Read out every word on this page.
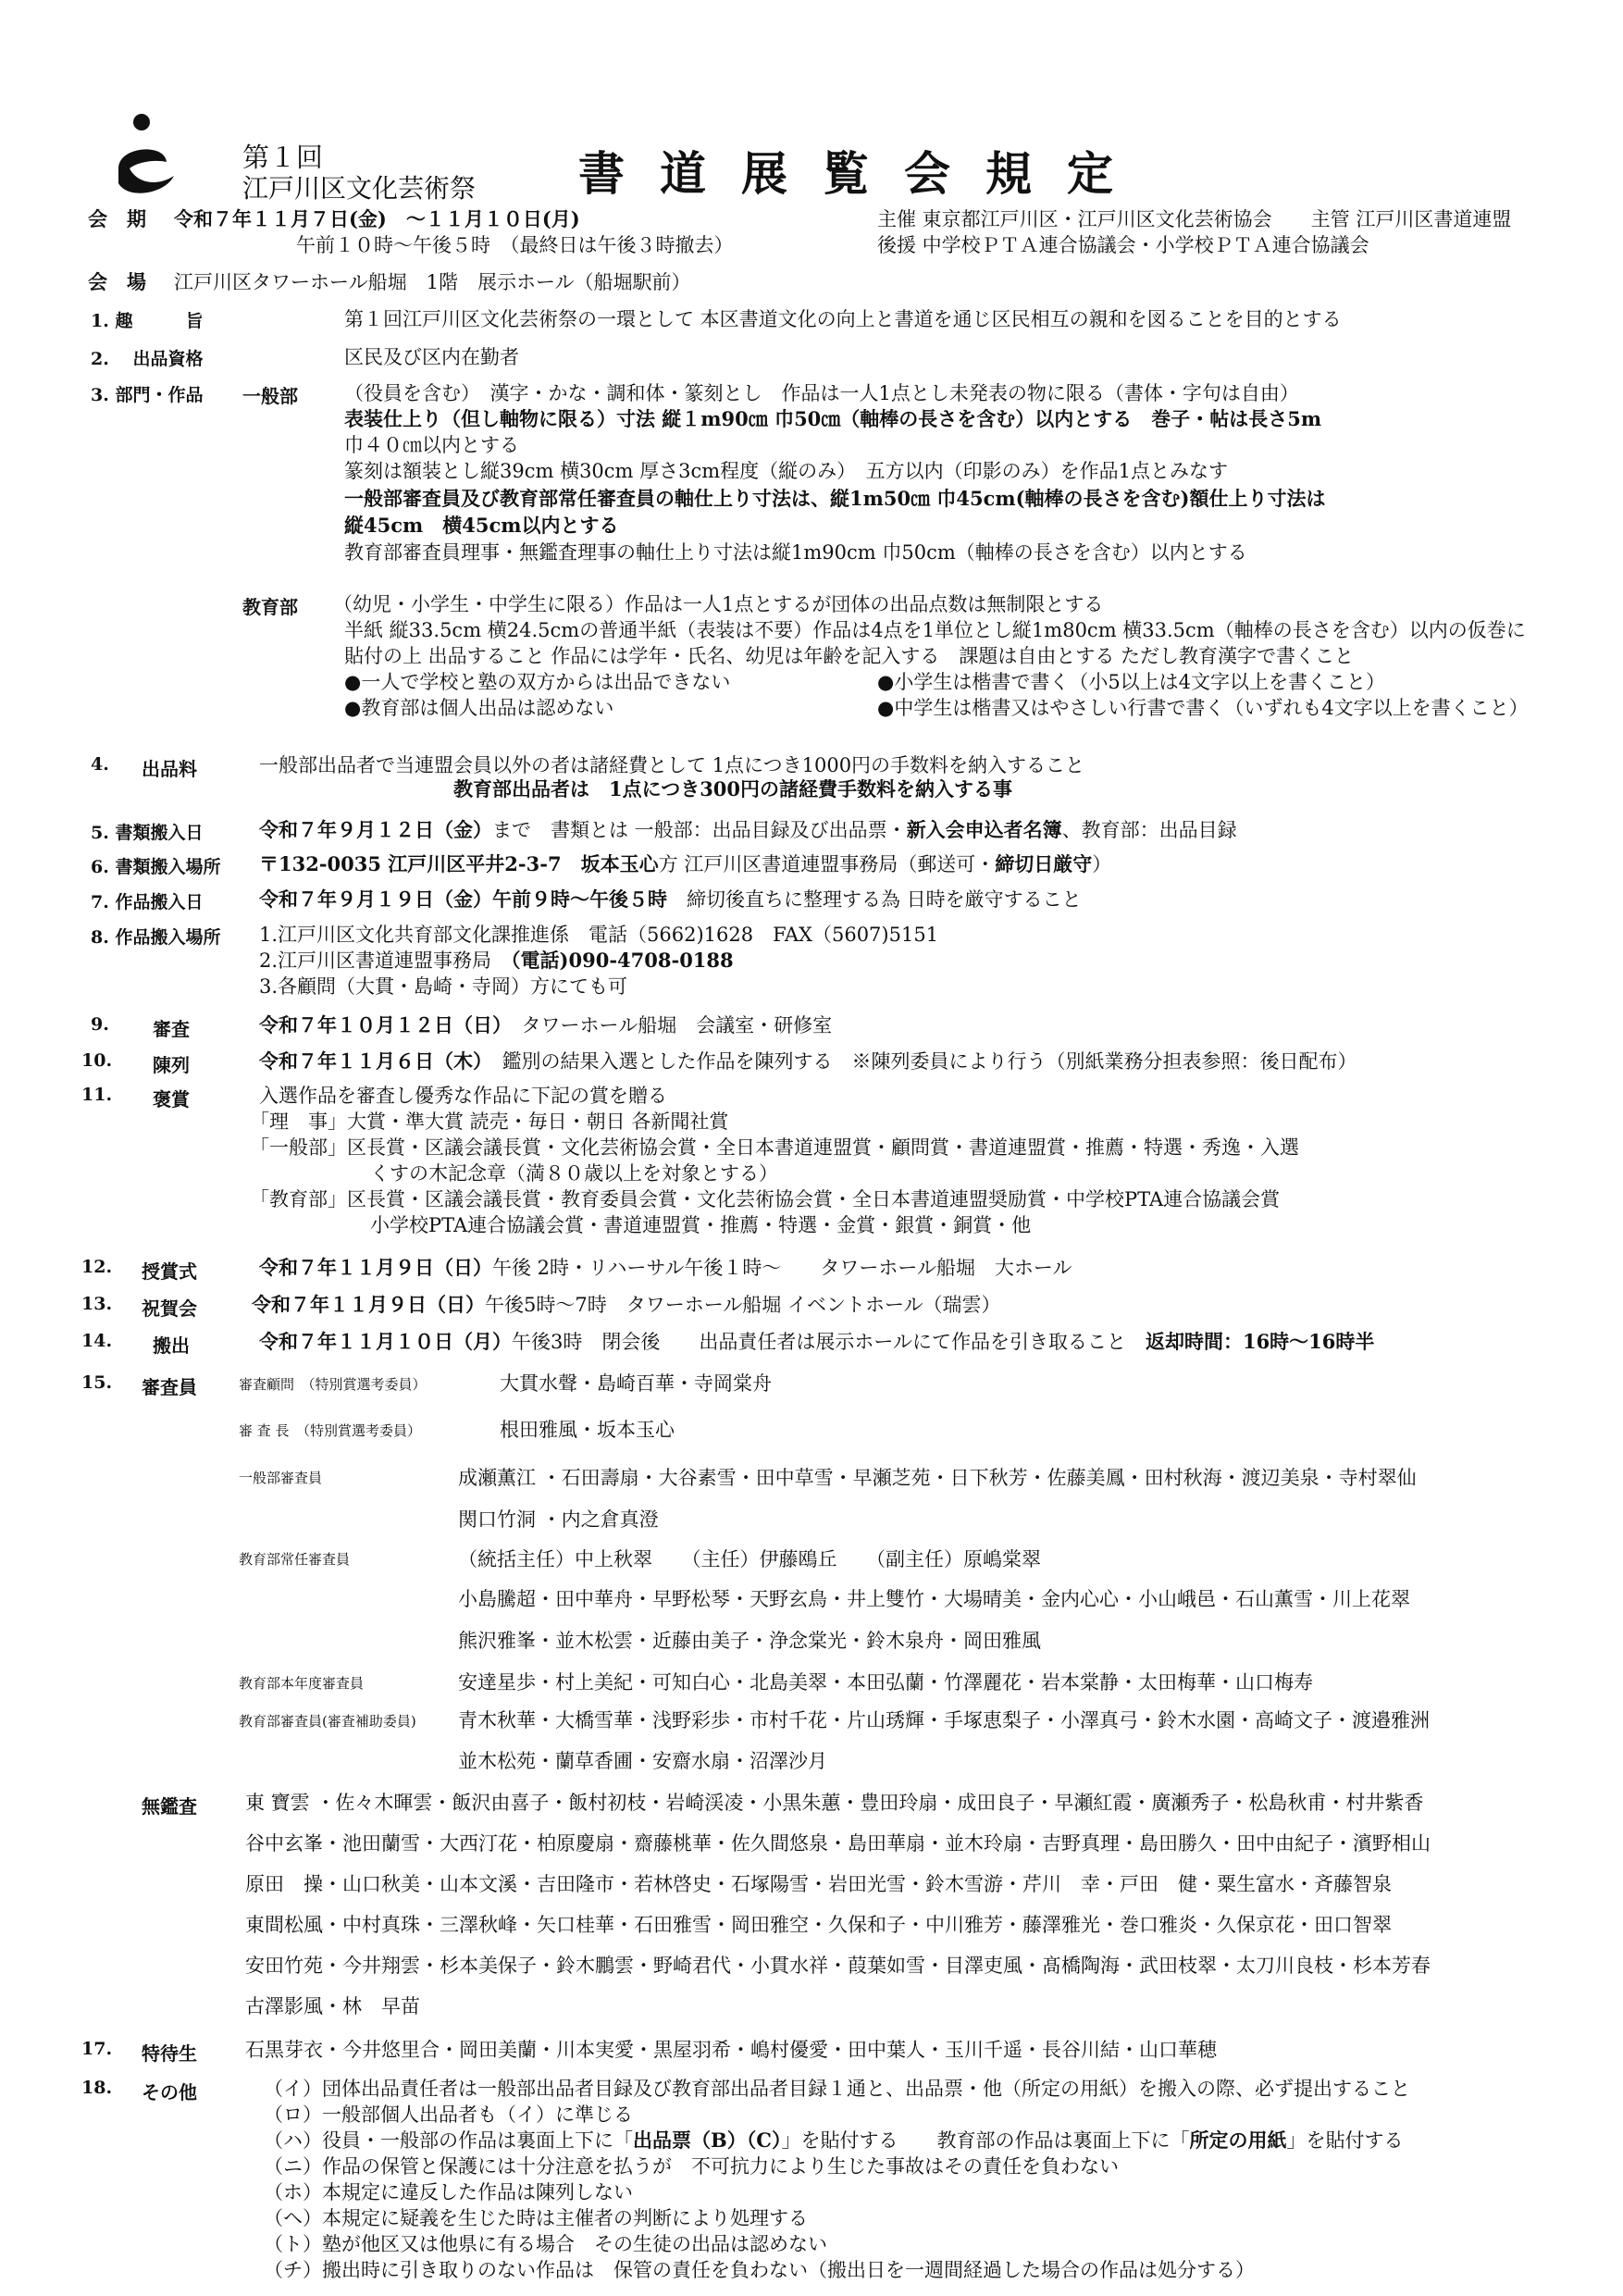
第１回
江戸川区文化芸術祭 書道展覧会規定
会　期 令和７年１１月７日(金)　〜１１月１０日(月)
午前１０時〜午後５時　（最終日は午後３時撤去）
主催 東京都江戸川区・江戸川区文化芸術協会　　主管 江戸川区書道連盟
後援 中学校ＰＴＡ連合協議会・小学校ＰＴＡ連合協議会
会　場 江戸川区タワーホール船堀　1階　展示ホール（船堀駅前）
1. 趣　　　旨	第１回江戸川区文化芸術祭の一環として 本区書道文化の向上と書道を通じ区民相互の親和を図ることを目的とする
2.　 出品資格	区民及び区内在勤者
3. 部門・作品 一般部 （役員を含む）　漢字・かな・調和体・篆刻とし　作品は一人1点とし未発表の物に限る（書体・字句は自由）
表装仕上り（但し軸物に限る）寸法 縦１m90㎝ 巾50㎝（軸棒の長さを含む）以内とする　巻子・帖は長さ5m
巾４０㎝以内とする
篆刻は額装とし縦39cm 横30cm 厚さ3cm程度（縦のみ）　五方以内（印影のみ）を作品1点とみなす
一般部審査員及び教育部常任審査員の軸仕上り寸法は、縦1m50㎝ 巾45cm(軸棒の長さを含む)額仕上り寸法は
縦45cm　横45cm以内とする
教育部審査員理事・無鑑査理事の軸仕上り寸法は縦1m90cm 巾50cm（軸棒の長さを含む）以内とする
教育部 （幼児・小学生・中学生に限る）作品は一人1点とするが団体の出品点数は無制限とする
半紙 縦33.5cm 横24.5cmの普通半紙（表装は不要）作品は4点を1単位とし縦1m80cm 横33.5cm（軸棒の長さを含む）以内の仮巻に
貼付の上 出品すること 作品には学年・氏名、幼児は年齢を記入する　課題は自由とする ただし教育漢字で書くこと
●一人で学校と塾の双方からは出品できない	●小学生は楷書で書く（小5以上は4文字以上を書くこと）
●教育部は個人出品は認めない	●中学生は楷書又はやさしい行書で書く（いずれも4文字以上を書くこと）
4. 出品料	一般部出品者で当連盟会員以外の者は諸経費として 1点につき1000円の手数料を納入すること
教育部出品者は　1点につき300円の諸経費手数料を納入する事
5. 書類搬入日	令和７年９月１２日（金）まで　書類とは 一般部：出品目録及び出品票・新入会申込者名簿、教育部：出品目録
6. 書類搬入場所 〒132-0035 江戸川区平井2-3-7　坂本玉心方 江戸川区書道連盟事務局（郵送可・締切日厳守）
7. 作品搬入日	令和７年９月１９日（金）午前９時〜午後５時　締切後直ちに整理する為 日時を厳守すること
8. 作品搬入場所 1.江戸川区文化共育部文化課推進係　電話（5662)1628　FAX（5607)5151
2.江戸川区書道連盟事務局　 （電話)090-4708-0188
3.各顧問（大貫・島崎・寺岡）方にても可
9. 審査	令和７年１０月１２日（日）　タワーホール船堀　会議室・研修室
10. 陳列	令和７年１１月６日（木）　鑑別の結果入選とした作品を陳列する　※陳列委員により行う（別紙業務分担表参照：後日配布）
11. 褒賞	入選作品を審査し優秀な作品に下記の賞を贈る
「理　事」大賞・準大賞 読売・毎日・朝日 各新聞社賞
「一般部」区長賞・区議会議長賞・文化芸術協会賞・全日本書道連盟賞・顧問賞・書道連盟賞・推薦・特選・秀逸・入選
くすの木記念章（満８０歳以上を対象とする）
「教育部」区長賞・区議会議長賞・教育委員会賞・文化芸術協会賞・全日本書道連盟奨励賞・中学校PTA連合協議会賞
小学校PTA連合協議会賞・書道連盟賞・推薦・特選・金賞・銀賞・銅賞・他
12. 授賞式	令和７年１１月９日（日）午後 2時・リハーサル午後１時〜　　タワーホール船堀　大ホール
13. 祝賀会	令和７年１１月９日（日）午後5時〜7時　タワーホール船堀 イベントホール（瑞雲）
14. 搬出	令和７年１１月１０日（月）午後3時　閉会後　　出品責任者は展示ホールにて作品を引き取ること　 返却時間：16時〜16時半
15. 審査員	審査顧問　（特別賞選考委員）	大貫水聲・島崎百華・寺岡棠舟
審 査 長　（特別賞選考委員）	根田雅風・坂本玉心
一般部審査員	成瀬薫江 ・石田壽扇・大谷素雪・田中草雪・早瀬芝苑・日下秋芳・佐藤美鳳・田村秋海・渡辺美泉・寺村翠仙
関口竹洞 ・内之倉真澄
教育部常任審査員	（統括主任）中上秋翠　　（主任）伊藤鴎丘　　（副主任）原嶋棠翠
小島騰超・田中華舟・早野松琴・天野玄鳥・井上雙竹・大場晴美・金内心心・小山峨邑・石山薫雪・川上花翠
熊沢雅峯・並木松雲・近藤由美子・浄念棠光・鈴木泉舟・岡田雅風
教育部本年度審査員	安達星歩・村上美紀・可知白心・北島美翠・本田弘蘭・竹澤麗花・岩本棠静・太田梅華・山口梅寿
教育部審査員(審査補助委員) 青木秋華・大橋雪華・浅野彩歩・市村千花・片山琇輝・手塚恵梨子・小澤真弓・鈴木水園・高崎文子・渡邉雅洲
並木松苑・蘭草香圃・安齋水扇・沼澤沙月
無鑑査 東 寶雲 ・佐々木暉雲・飯沢由喜子・飯村初枝・岩崎渓凌・小黒朱蕙・豊田玲扇・成田良子・早瀬紅霞・廣瀬秀子・松島秋甫・村井紫香
谷中玄峯・池田蘭雪・大西汀花・柏原慶扇・齋藤桃華・佐久間悠泉・島田華扇・並木玲扇・吉野真理・島田勝久・田中由紀子・濱野相山
原田　操・山口秋美・山本文溪・吉田隆市・若林啓史・石塚陽雪・岩田光雪・鈴木雪游・芹川　幸・戸田　健・粟生富水・斉藤智泉
東間松風・中村真珠・三澤秋峰・矢口桂華・石田雅雪・岡田雅空・久保和子・中川雅芳・藤澤雅光・巻口雅炎・久保京花・田口智翠
安田竹苑・今井翔雲・杉本美保子・鈴木鵬雲・野崎君代・小貫水祥・葭葉如雪・目澤吏風・髙橋陶海・武田枝翠・太刀川良枝・杉本芳春
古澤影風・林　早苗
17. 特待生 石黒芽衣・今井悠里合・岡田美蘭・川本実愛・黒屋羽希・嶋村優愛・田中葉人・玉川千遥・長谷川結・山口華穂
18. その他	（イ）団体出品責任者は一般部出品者目録及び教育部出品者目録１通と、出品票・他（所定の用紙）を搬入の際、必ず提出すること
（ロ）一般部個人出品者も（イ）に準じる
（ハ）役員・一般部の作品は裏面上下に「出品票（B）（C）」を貼付する　　教育部の作品は裏面上下に「所定の用紙」を貼付する
（ニ）作品の保管と保護には十分注意を払うが　不可抗力により生じた事故はその責任を負わない
（ホ）本規定に違反した作品は陳列しない
（ヘ）本規定に疑義を生じた時は主催者の判断により処理する
（ト）塾が他区又は他県に有る場合　その生徒の出品は認めない
（チ）搬出時に引き取りのない作品は　保管の責任を負わない（搬出日を一週間経過した場合の作品は処分する）
